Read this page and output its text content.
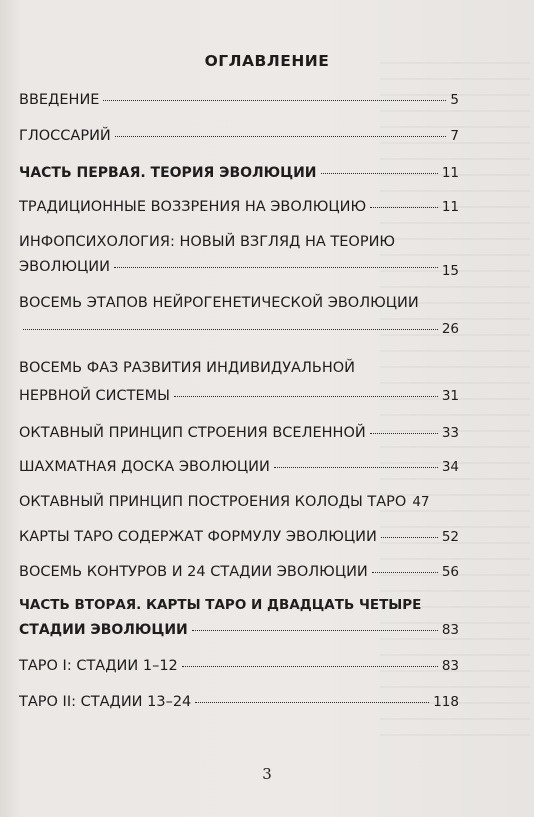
ОГЛАВЛЕНИЕ
ВВЕДЕНИЕ	5
ГЛОССАРИЙ	7
ЧАСТЬ ПЕРВАЯ. ТЕОРИЯ ЭВОЛЮЦИИ	11
ТРАДИЦИОННЫЕ ВОЗЗРЕНИЯ НА ЭВОЛЮЦИЮ	11
ИНФОПСИХОЛОГИЯ: НОВЫЙ ВЗГЛЯД НА ТЕОРИЮ
ЭВОЛЮЦИИ	15
ВОСЕМЬ ЭТАПОВ НЕЙРОГЕНЕТИЧЕСКОЙ ЭВОЛЮЦИИ
26
ВОСЕМЬ ФАЗ РАЗВИТИЯ ИНДИВИДУАЛЬНОЙ
НЕРВНОЙ СИСТЕМЫ	31
ОКТАВНЫЙ ПРИНЦИП СТРОЕНИЯ ВСЕЛЕННОЙ	33
ШАХМАТНАЯ ДОСКА ЭВОЛЮЦИИ	34
ОКТАВНЫЙ ПРИНЦИП ПОСТРОЕНИЯ КОЛОДЫ ТАРО 47
КАРТЫ ТАРО СОДЕРЖАТ ФОРМУЛУ ЭВОЛЮЦИИ	52
ВОСЕМЬ КОНТУРОВ И 24 СТАДИИ ЭВОЛЮЦИИ	56
ЧАСТЬ ВТОРАЯ. КАРТЫ ТАРО И ДВАДЦАТЬ ЧЕТЫРЕ
СТАДИИ ЭВОЛЮЦИИ	83
ТАРО I: СТАДИИ 1–12	83
ТАРО II: СТАДИИ 13–24	118
3
